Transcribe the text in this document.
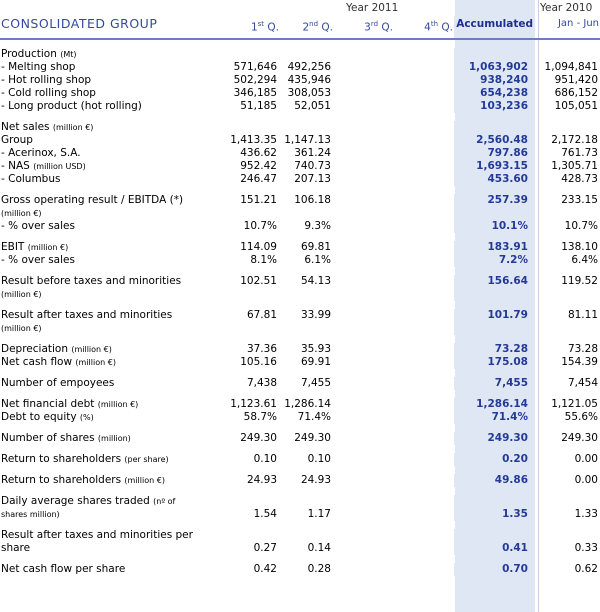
Year 2011	Year 2010
CONSOLIDATED GROUP	1st Q.	2nd Q.	3rd Q.	4th Q.	Accumulated	Jan - Jun

Production (Mt)						
- Melting shop	571,646	492,256			1,063,902	1,094,841
- Hot rolling shop	502,294	435,946			938,240	951,420
- Cold rolling shop	346,185	308,053			654,238	686,152
- Long product (hot rolling)	51,185	52,051			103,236	105,051

Net sales (million €)						
Group	1,413.35	1,147.13			2,560.48	2,172.18
- Acerinox, S.A.	436.62	361.24			797.86	761.73
- NAS (million USD)	952.42	740.73			1,693.15	1,305.71
- Columbus	246.47	207.13			453.60	428.73

Gross operating result / EBITDA (*)	151.21	106.18			257.39	233.15
(million €)						
- % over sales	10.7%	9.3%			10.1%	10.7%

EBIT (million €)	114.09	69.81			183.91	138.10
- % over sales	8.1%	6.1%			7.2%	6.4%

Result before taxes and minorities	102.51	54.13			156.64	119.52
(million €)						

Result after taxes and minorities	67.81	33.99			101.79	81.11
(million €)						

Depreciation (million €)	37.36	35.93			73.28	73.28
Net cash flow (million €)	105.16	69.91			175.08	154.39

Number of empoyees	7,438	7,455			7,455	7,454

Net financial debt (million €)	1,123.61	1,286.14			1,286.14	1,121.05
Debt to equity (%)	58.7%	71.4%			71.4%	55.6%

Number of shares (million)	249.30	249.30			249.30	249.30

Return to shareholders (per share)	0.10	0.10			0.20	0.00

Return to shareholders (million €)	24.93	24.93			49.86	0.00

Daily average shares traded (nº of						
shares million)	1.54	1.17			1.35	1.33

Result after taxes and minorities per						
share	0.27	0.14			0.41	0.33

Net cash flow per share	0.42	0.28			0.70	0.62
